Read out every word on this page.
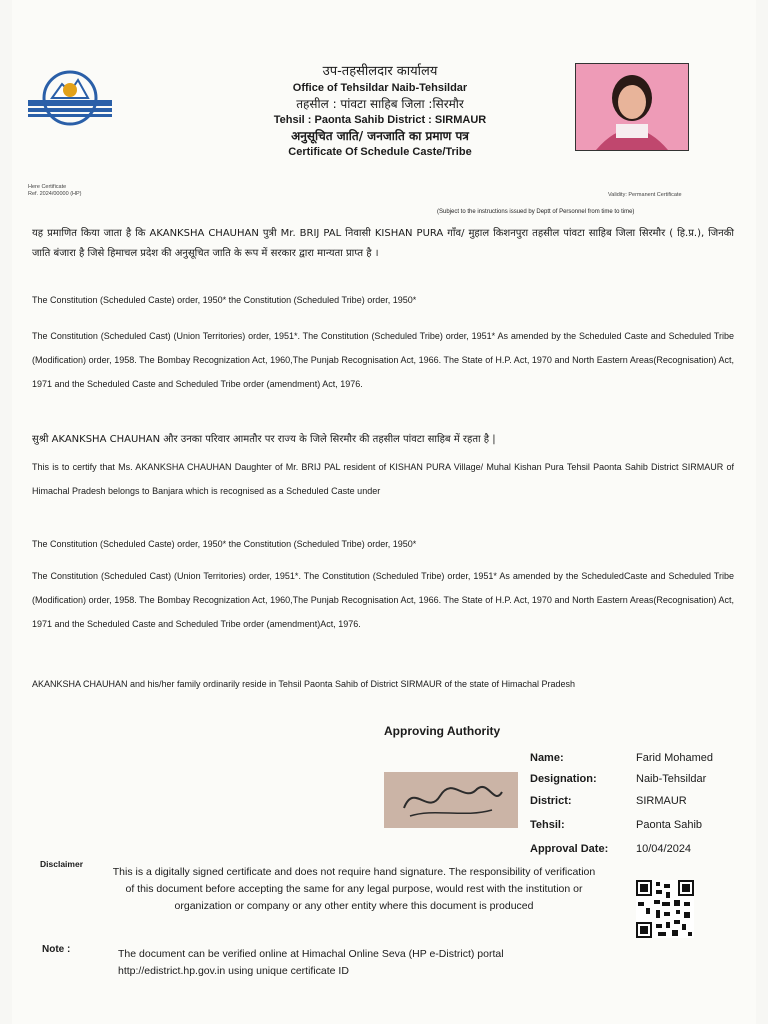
उप-तहसीलदार कार्यालय
Office of Tehsildar Naib-Tehsildar
तहसील : पांवटा साहिब जिला :सिरमौर
Tehsil : Paonta Sahib District : SIRMAUR
अनुसूचित जाति/ जनजाति का प्रमाण पत्र
Certificate Of Schedule Caste/Tribe
Here Certificate
Ref. 2024/00000 (HP)	Validity: Permanent Certificate
(Subject to the instructions issued by Deptt of Personnel from time to time)
यह प्रमाणित किया जाता है कि AKANKSHA CHAUHAN पुत्री Mr. BRIJ PAL निवासी KISHAN PURA गाँव/ मुहाल किशनपुरा तहसील पांवटा साहिब जिला सिरमौर ( हि.प्र.), जिनकी जाति बंजारा है जिसे हिमाचल प्रदेश की अनुसूचित जाति के रूप में सरकार द्वारा मान्यता प्राप्त है ।
The Constitution (Scheduled Caste) order, 1950* the Constitution (Scheduled Tribe) order, 1950*
The Constitution (Scheduled Cast) (Union Territories) order, 1951*. The Constitution (Scheduled Tribe) order, 1951* As amended by the Scheduled Caste and Scheduled Tribe (Modification) order, 1958. The Bombay Recognization Act, 1960,The Punjab Recognisation Act, 1966. The State of H.P. Act, 1970 and North Eastern Areas(Recognisation) Act, 1971 and the Scheduled Caste and Scheduled Tribe order (amendment) Act, 1976.
सुश्री AKANKSHA CHAUHAN और उनका परिवार आमतौर पर राज्य के जिले सिरमौर की तहसील पांवटा साहिब में रहता है |
This is to certify that Ms. AKANKSHA CHAUHAN Daughter of Mr. BRIJ PAL resident of KISHAN PURA Village/ Muhal Kishan Pura Tehsil Paonta Sahib District SIRMAUR of Himachal Pradesh belongs to Banjara which is recognised as a Scheduled Caste under
The Constitution (Scheduled Caste) order, 1950* the Constitution (Scheduled Tribe) order, 1950*
The Constitution (Scheduled Cast) (Union Territories) order, 1951*. The Constitution (Scheduled Tribe) order, 1951* As amended by the ScheduledCaste and Scheduled Tribe (Modification) order, 1958. The Bombay Recognization Act, 1960,The Punjab Recognisation Act, 1966. The State of H.P. Act, 1970 and North Eastern Areas(Recognisation) Act, 1971 and the Scheduled Caste and Scheduled Tribe order (amendment)Act, 1976.
AKANKSHA CHAUHAN and his/her family ordinarily reside in Tehsil Paonta Sahib of District SIRMAUR of the state of Himachal Pradesh
Approving Authority
Name:	Farid Mohamed
Designation:	Naib-Tehsildar
District:	SIRMAUR
Tehsil:	Paonta Sahib
Approval Date:	10/04/2024
Disclaimer
This is a digitally signed certificate and does not require hand signature. The responsibility of verification of this document before accepting the same for any legal purpose, would rest with the institution or organization or company or any other entity where this document is produced
Note :	The document can be verified online at Himachal Online Seva (HP e-District) portal http://edistrict.hp.gov.in using unique certificate ID
